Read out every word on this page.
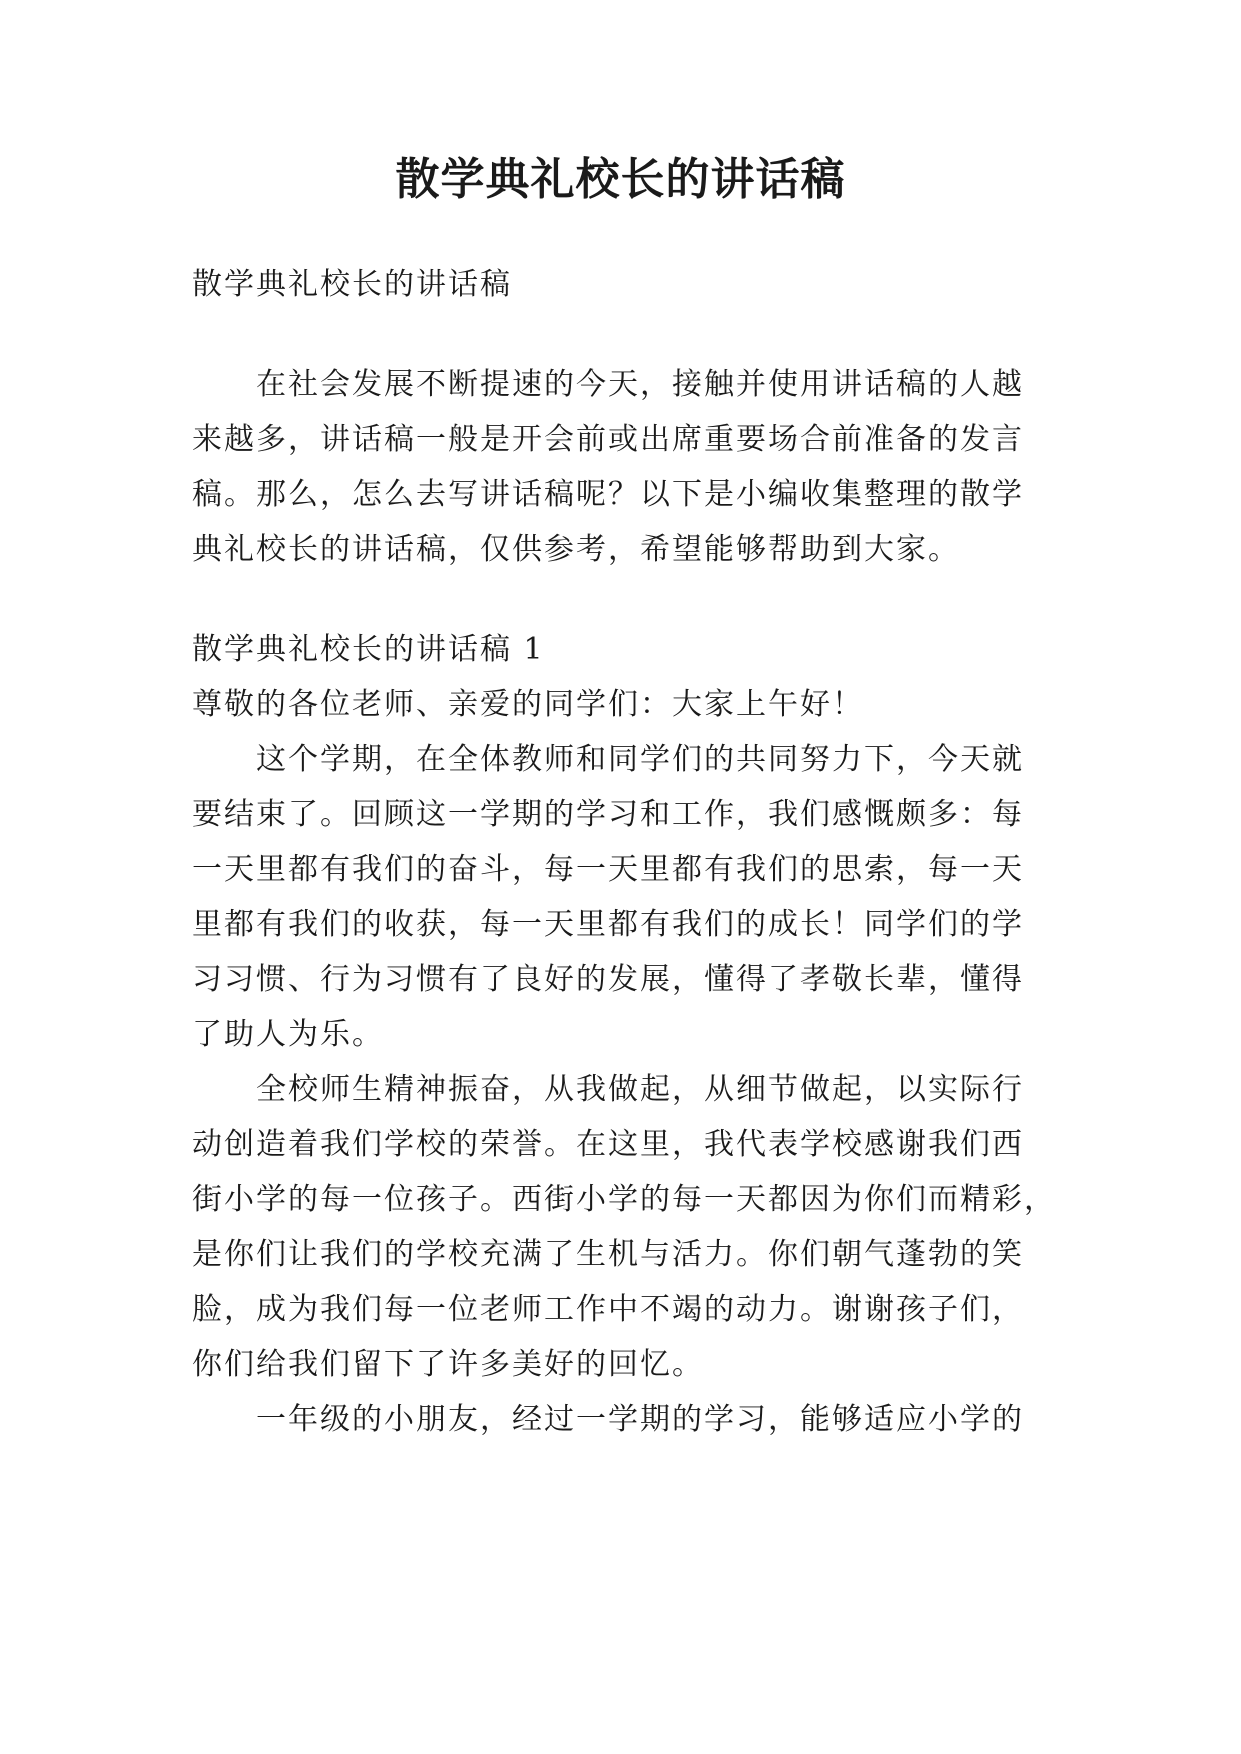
散学典礼校长的讲话稿

散学典礼校长的讲话稿

在社会发展不断提速的今天，接触并使用讲话稿的人越

来越多，讲话稿一般是开会前或出席重要场合前准备的发言

稿。那么，怎么去写讲话稿呢？以下是小编收集整理的散学

典礼校长的讲话稿，仅供参考，希望能够帮助到大家。

散学典礼校长的讲话稿 1

尊敬的各位老师、亲爱的同学们：大家上午好！

这个学期，在全体教师和同学们的共同努力下，今天就

要结束了。回顾这一学期的学习和工作，我们感慨颇多：每

一天里都有我们的奋斗，每一天里都有我们的思索，每一天

里都有我们的收获，每一天里都有我们的成长！同学们的学

习习惯、行为习惯有了良好的发展，懂得了孝敬长辈，懂得

了助人为乐。

全校师生精神振奋，从我做起，从细节做起，以实际行

动创造着我们学校的荣誉。在这里，我代表学校感谢我们西

街小学的每一位孩子。西街小学的每一天都因为你们而精彩，

是你们让我们的学校充满了生机与活力。你们朝气蓬勃的笑

脸，成为我们每一位老师工作中不竭的动力。谢谢孩子们，

你们给我们留下了许多美好的回忆。

一年级的小朋友，经过一学期的学习，能够适应小学的
